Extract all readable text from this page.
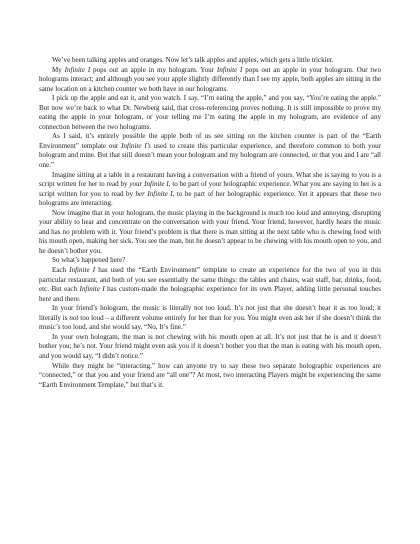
We’ve been talking apples and oranges. Now let’s talk apples and apples, which gets a little trickier.

My Infinite I pops out an apple in my hologram. Your Infinite I pops out an apple in your hologram. Our two holograms interact; and although you see your apple slightly differently than I see my apple, both apples are sitting in the same location on a kitchen counter we both have in our holograms.

I pick up the apple and eat it, and you watch. I say, “I’m eating the apple,” and you say, “You’re eating the apple.” But now we’re back to what Dr. Newberg said, that cross-referencing proves nothing. It is still impossible to prove my eating the apple in your hologram, or your telling me I’m eating the apple in my hologram, are evidence of any connection between the two holograms.

As I said, it’s entirely possible the apple both of us see sitting on the kitchen counter is part of the “Earth Environment” template our Infinite I’s used to create this particular experience, and therefore common to both your hologram and mine. But that still doesn’t mean your hologram and my hologram are connected, or that you and I are “all one.”

Imagine sitting at a table in a restaurant having a conversation with a friend of yours. What she is saying to you is a script written for her to read by your Infinite I, to be part of your holographic experience. What you are saying to her is a script written for you to read by her Infinite I, to be part of her holographic experience. Yet it appears that these two holograms are interacting.

Now imagine that in your hologram, the music playing in the background is much too loud and annoying, disrupting your ability to hear and concentrate on the conversation with your friend. Your friend, however, hardly hears the music and has no problem with it. Your friend’s problem is that there is man sitting at the next table who is chewing food with his mouth open, making her sick. You see the man, but he doesn’t appear to be chewing with his mouth open to you, and he doesn’t bother you.

So what’s happened here?

Each Infinite I has used the “Earth Environment” template to create an experience for the two of you in this particular restaurant, and both of you see essentially the same things: the tables and chairs, wait staff, bar, drinks, food, etc. But each Infinite I has custom-made the holographic experience for its own Player, adding little personal touches here and there.

In your friend’s hologram, the music is literally not too loud. It’s not just that she doesn’t hear it as too loud; it literally is not too loud – a different volume entirely for her than for you. You might even ask her if she doesn’t think the music’s too loud, and she would say, “No, It’s fine.”

In your own hologram, the man is not chewing with his mouth open at all. It’s not just that he is and it doesn’t bother you; he’s not. Your friend might even ask you if it doesn’t bother you that the man is eating with his mouth open, and you would say, “I didn’t notice.”

While they might be “interacting,” how can anyone try to say these two separate holographic experiences are “connected,” or that you and your friend are “all one”? At most, two interacting Players might be experiencing the same “Earth Environment Template,” but that’s it.
